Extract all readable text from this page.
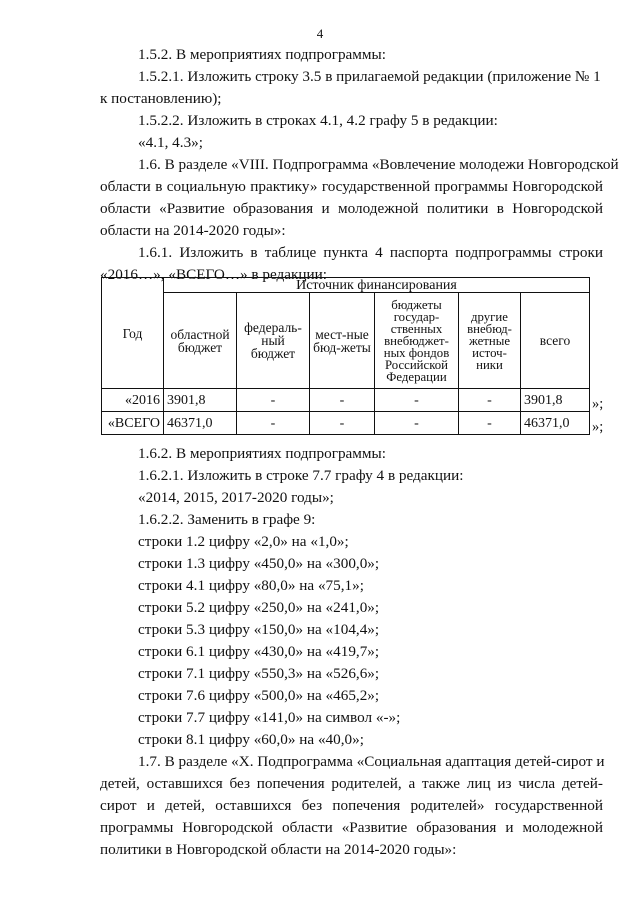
4
1.5.2. В мероприятиях подпрограммы:
1.5.2.1. Изложить строку 3.5 в прилагаемой редакции (приложение № 1
к постановлению);
1.5.2.2. Изложить в строках 4.1, 4.2 графу 5 в редакции:
«4.1, 4.3»;
1.6. В разделе «VIII. Подпрограмма «Вовлечение молодежи Новгородской
области в социальную практику» государственной программы Новгородской
области «Развитие образования и молодежной политики в Новгородской
области на 2014-2020 годы»:
1.6.1. Изложить в таблице пункта 4 паспорта подпрограммы строки
«2016…», «ВСЕГО…» в редакции:
Год	Источник финансирования					
	областной бюджет	федераль-ный бюджет	мест-ные бюд-жеты	бюджеты государ-ственных внебюджет-ных фондов Российской Федерации	другие внебюд-жетные источ-ники	всего
«2016	3901,8	-	-	-	-	3901,8
«ВСЕГО	46371,0	-	-	-	-	46371,0
»;
»;
1.6.2. В мероприятиях подпрограммы:
1.6.2.1. Изложить в строке 7.7 графу 4 в редакции:
«2014, 2015, 2017-2020 годы»;
1.6.2.2. Заменить в графе 9:
строки 1.2 цифру «2,0» на «1,0»;
строки 1.3 цифру «450,0» на «300,0»;
строки 4.1 цифру «80,0» на «75,1»;
строки 5.2 цифру «250,0» на «241,0»;
строки 5.3 цифру «150,0» на «104,4»;
строки 6.1 цифру «430,0» на «419,7»;
строки 7.1 цифру «550,3» на «526,6»;
строки 7.6 цифру «500,0» на «465,2»;
строки 7.7 цифру «141,0» на символ «-»;
строки 8.1 цифру «60,0» на «40,0»;
1.7. В разделе «X. Подпрограмма «Социальная адаптация детей-сирот и
детей, оставшихся без попечения родителей, а также лиц из числа детей-
сирот и детей, оставшихся без попечения родителей» государственной
программы Новгородской области «Развитие образования и молодежной
политики в Новгородской области на 2014-2020 годы»:
